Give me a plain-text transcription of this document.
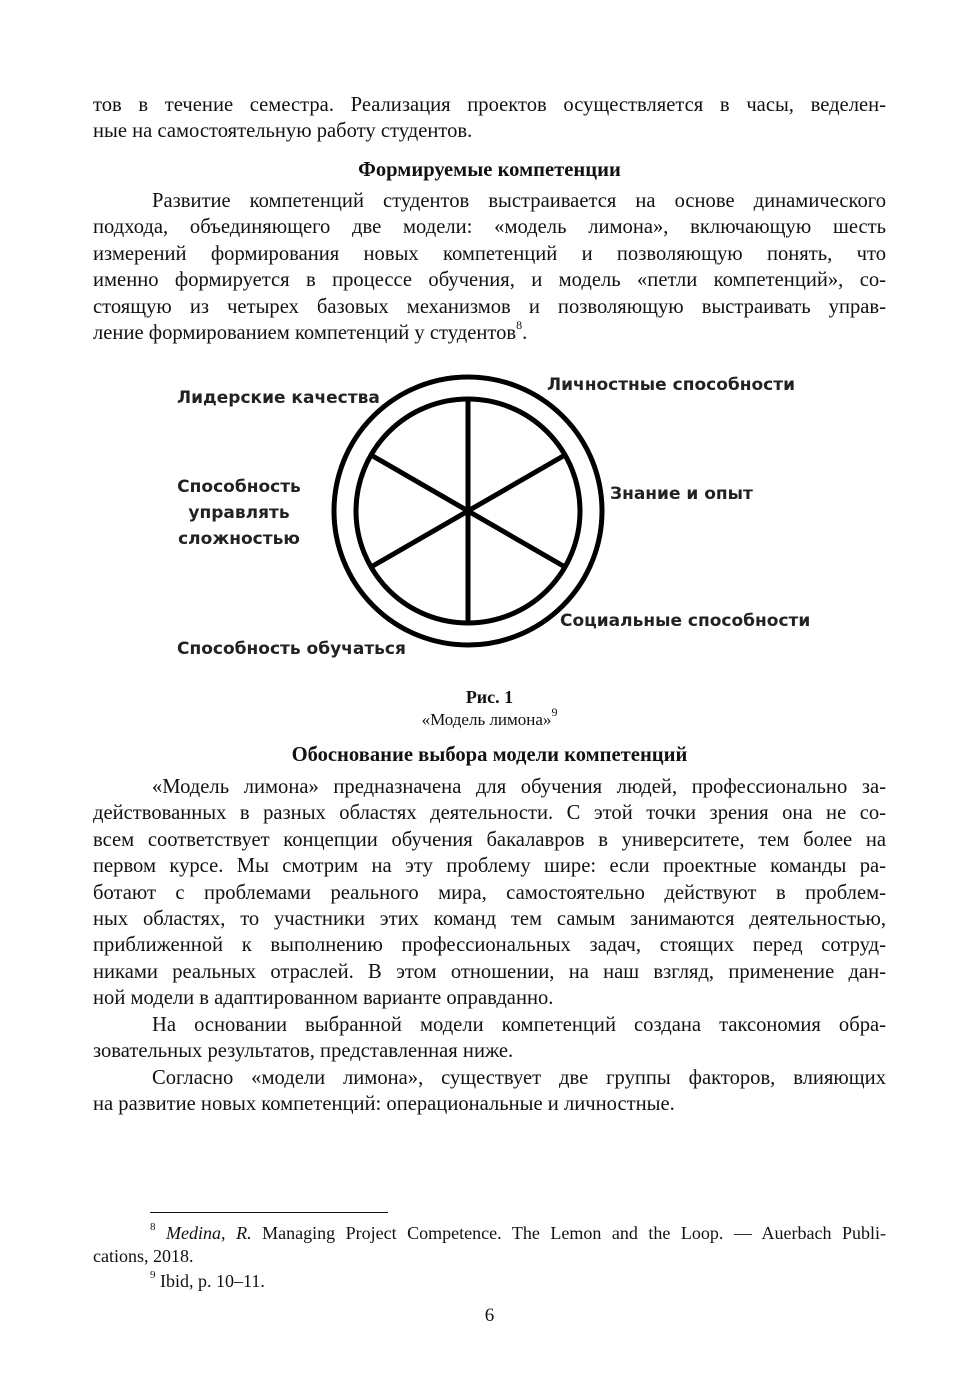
тов в течение семестра. Реализация проектов осуществляется в часы, веделен-
ные на самостоятельную работу студентов.

Формируемые компетенции

Развитие компетенций студентов выстраивается на основе динамического
подхода, объединяющего две модели: «модель лимона», включающую шесть
измерений формирования новых компетенций и позволяющую понять, что
именно формируется в процессе обучения, и модель «петли компетенций», со-
стоящую из четырех базовых механизмов и позволяющую выстраивать управ-
ление формированием компетенций у студентов$^8$.

Лидерские качества
Личностные способности
Знание и опыт
Социальные способности
Способность обучаться
Способность
управлять
сложностью
Рис. 1
«Модель лимона»$^9$
Обоснование выбора модели компетенций

«Модель лимона» предназначена для обучения людей, профессионально за-
действованных в разных областях деятельности. С этой точки зрения она не со-
всем соответствует концепции обучения бакалавров в университете, тем более на
первом курсе. Мы смотрим на эту проблему шире: если проектные команды ра-
ботают с проблемами реального мира, самостоятельно действуют в проблем-
ных областях, то участники этих команд тем самым занимаются деятельностью,
приближенной к выполнению профессиональных задач, стоящих перед сотруд-
никами реальных отраслей. В этом отношении, на наш взгляд, применение дан-
ной модели в адаптированном варианте оправданно.

На основании выбранной модели компетенций создана таксономия обра-
зовательных результатов, представленная ниже.

Согласно «модели лимона», существует две группы факторов, влияющих
на развитие новых компетенций: операциональные и личностные.

$^8$ Medina, R. Managing Project Competence. The Lemon and the Loop. — Auerbach Publi-
cations, 2018.

$^9$ Ibid, p. 10–11.

6
